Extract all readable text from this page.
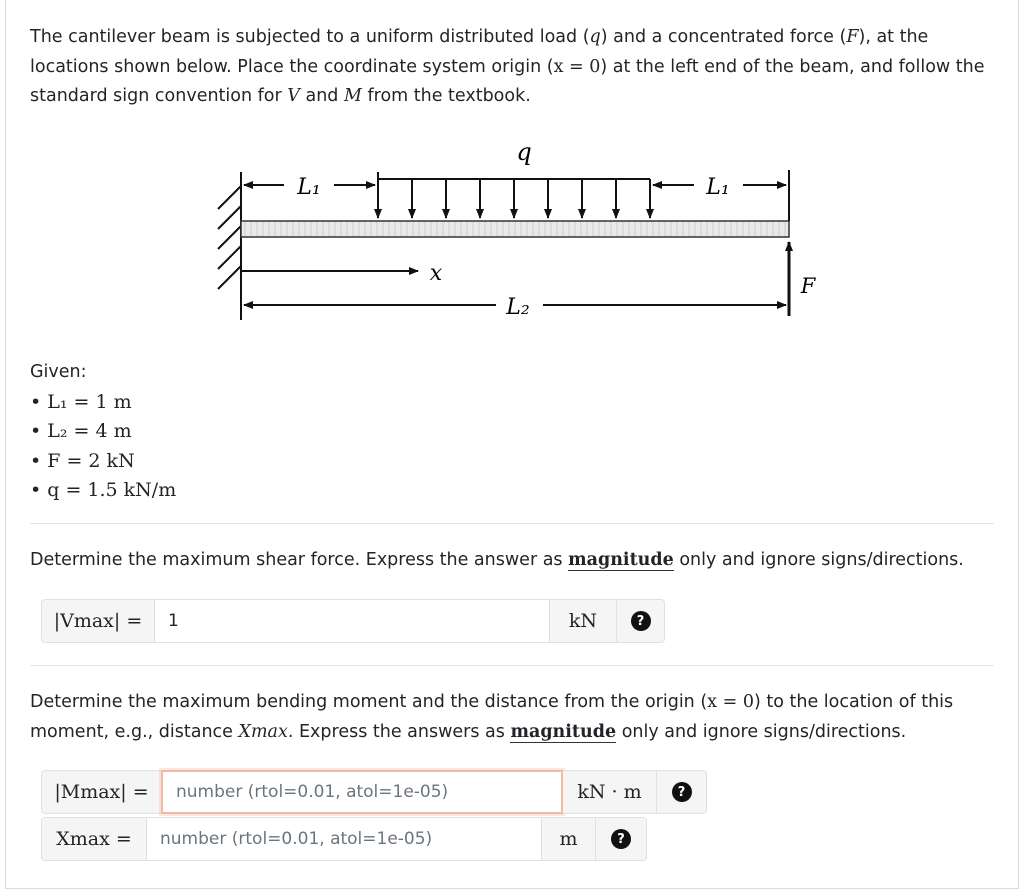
The cantilever beam is subjected to a uniform distributed load (q) and a concentrated force (F), at the locations shown below. Place the coordinate system origin (x = 0) at the left end of the beam, and follow the standard sign convention for V and M from the textbook.

q
L₁	L₁
x
L₂
F
Given:
• L₁ = 1 m
• L₂ = 4 m
• F = 2 kN
• q = 1.5 kN/m

Determine the maximum shear force. Express the answer as magnitude only and ignore signs/directions.

|Vmax| =
1	kN	?

Determine the maximum bending moment and the distance from the origin (x = 0) to the location of this moment, e.g., distance Xmax. Express the answers as magnitude only and ignore signs/directions.

|Mmax| =
number (rtol=0.01, atol=1e-05)	kN · m	?
Xmax =
number (rtol=0.01, atol=1e-05)	m	?
